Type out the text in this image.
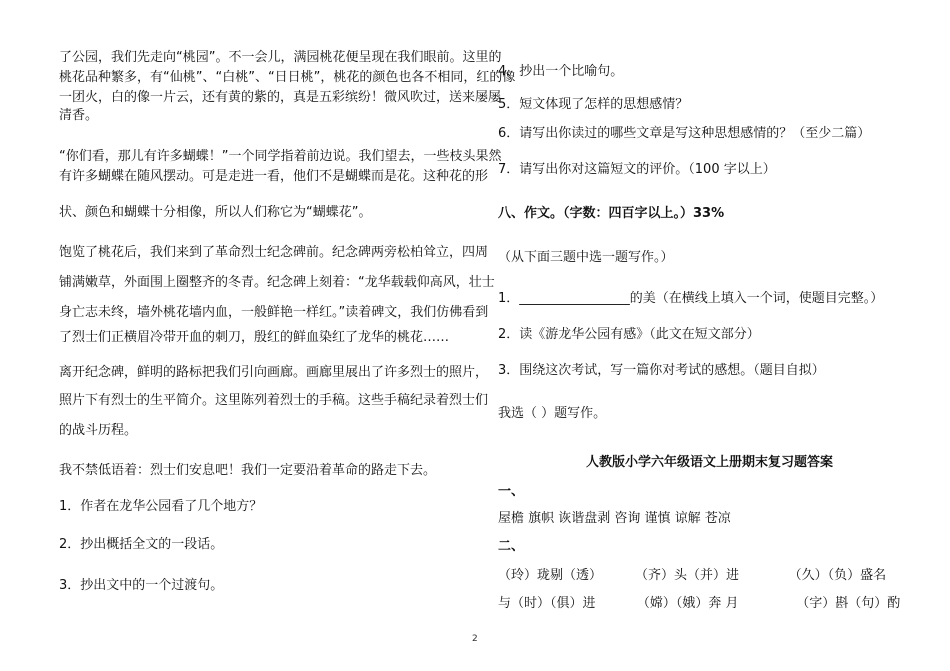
了公园，我们先走向“桃园”。不一会儿，满园桃花便呈现在我们眼前。这里的
桃花品种繁多，有“仙桃”、“白桃”、“日日桃”，桃花的颜色也各不相同，红的像
一团火，白的像一片云，还有黄的紫的，真是五彩缤纷！微风吹过，送来屡屡
清香。
“你们看，那儿有许多蝴蝶！”一个同学指着前边说。我们望去，一些枝头果然
有许多蝴蝶在随风摆动。可是走进一看，他们不是蝴蝶而是花。这种花的形
状、颜色和蝴蝶十分相像，所以人们称它为“蝴蝶花”。
饱览了桃花后，我们来到了革命烈士纪念碑前。纪念碑两旁松柏耸立，四周
铺满嫩草，外面围上圈整齐的冬青。纪念碑上刻着：“龙华载载仰高风，壮士
身亡志未终，墙外桃花墙内血，一般鲜艳一样红。”读着碑文，我们仿佛看到
了烈士们正横眉冷带开血的刺刀，殷红的鲜血染红了龙华的桃花……
离开纪念碑，鲜明的路标把我们引向画廊。画廊里展出了许多烈士的照片，
照片下有烈士的生平简介。这里陈列着烈士的手稿。这些手稿纪录着烈士们
的战斗历程。
我不禁低语着：烈士们安息吧！我们一定要沿着革命的路走下去。
1．作者在龙华公园看了几个地方？
2．抄出概括全文的一段话。
3．抄出文中的一个过渡句。
4．抄出一个比喻句。
5．短文体现了怎样的思想感情？
6．请写出你读过的哪些文章是写这种思想感情的？（至少二篇）
7．请写出你对这篇短文的评价。（100 字以上）
八、作文。（字数：四百字以上。）33%
（从下面三题中选一题写作。）
1．_________________的美（在横线上填入一个词，使题目完整。）
2．读《游龙华公园有感》（此文在短文部分）
3．围绕这次考试，写一篇你对考试的感想。（题目自拟）
我选（ ）题写作。
人教版小学六年级语文上册期末复习题答案
一、
屋檐 旗帜 诙谐盘剥 咨询 谨慎 谅解 苍凉
二、
（玲）珑剔（透）        （齐）头（并）进            （久）（负）盛名
与（时）（俱）进          （嫦）（娥）奔 月              （字）斟（句）酌
2
